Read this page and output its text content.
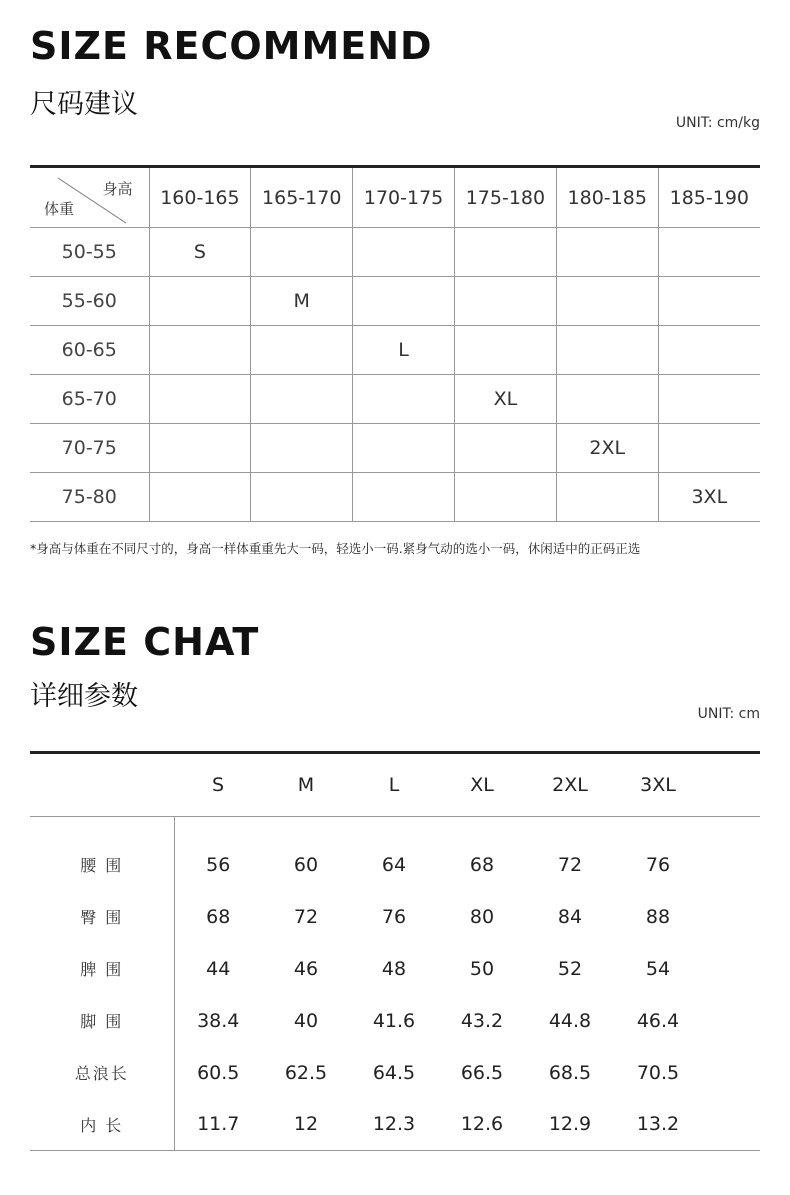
SIZE RECOMMEND
尺码建议
UNIT: cm/kg
身高
体重	160-165	165-170	170-175	175-180	180-185	185-190
50-55	S					
55-60		M				
60-65			L			
65-70				XL		
70-75					2XL	
75-80						3XL
*身高与体重在不同尺寸的，身高一样体重重先大一码，轻选小一码.紧身气动的选小一码，休闲适中的正码正选
SIZE CHAT
详细参数
UNIT: cm
	S	M	L	XL	2XL	3XL	
腰 围	56	60	64	68	72	76	
臀 围	68	72	76	80	84	88	
脾 围	44	46	48	50	52	54	
脚 围	38.4	40	41.6	43.2	44.8	46.4	
总浪长	60.5	62.5	64.5	66.5	68.5	70.5	
内 长	11.7	12	12.3	12.6	12.9	13.2	
